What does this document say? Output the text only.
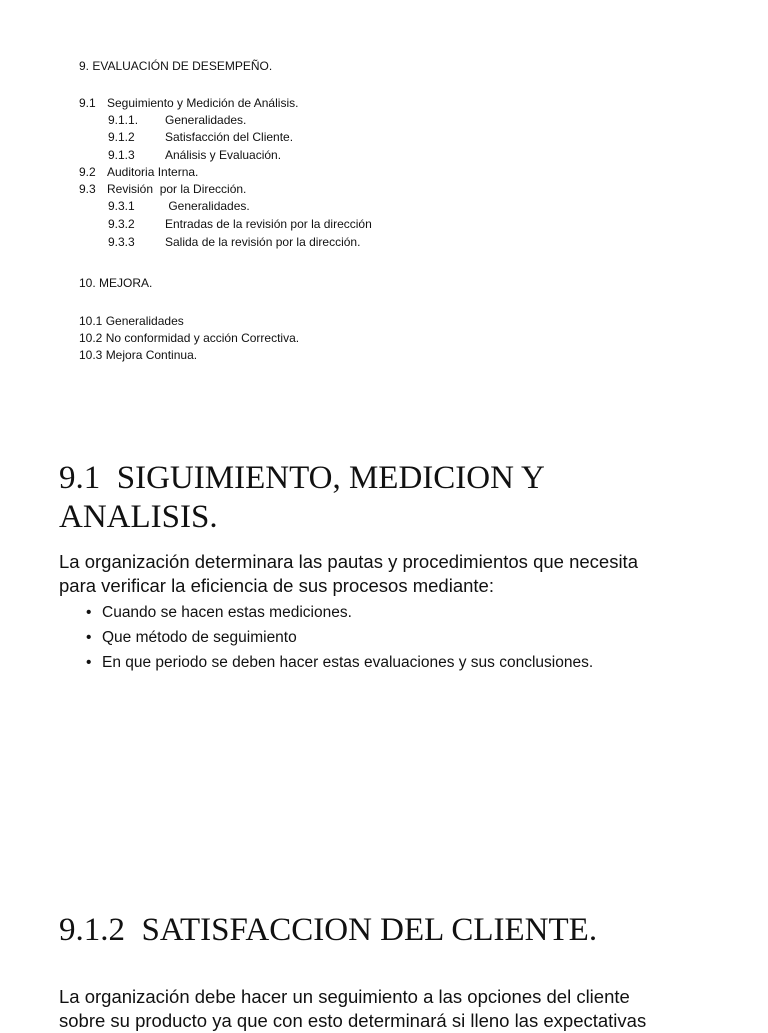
9. EVALUACIÓN DE DESEMPEÑO.
9.1 Seguimiento y Medición de Análisis.
9.1.1. Generalidades.
9.1.2	Satisfacción del Cliente.
9.1.3	Análisis y Evaluación.
9.2 Auditoria Interna.
9.3 Revisión  por la Dirección.
9.3.1	Generalidades.
9.3.2	Entradas de la revisión por la dirección
9.3.3	Salida de la revisión por la dirección.
10. MEJORA.
10.1 Generalidades
10.2 No conformidad y acción Correctiva.
10.3 Mejora Continua.
9.1  SIGUIMIENTO, MEDICION Y
ANALISIS.

La organización determinara las pautas y procedimientos que necesita
para verificar la eficiencia de sus procesos mediante:

• Cuando se hacen estas mediciones.
• Que método de seguimiento
• En que periodo se deben hacer estas evaluaciones y sus conclusiones.
9.1.2  SATISFACCION DEL CLIENTE.

La organización debe hacer un seguimiento a las opciones del cliente
sobre su producto ya que con esto determinará si lleno las expectativas
